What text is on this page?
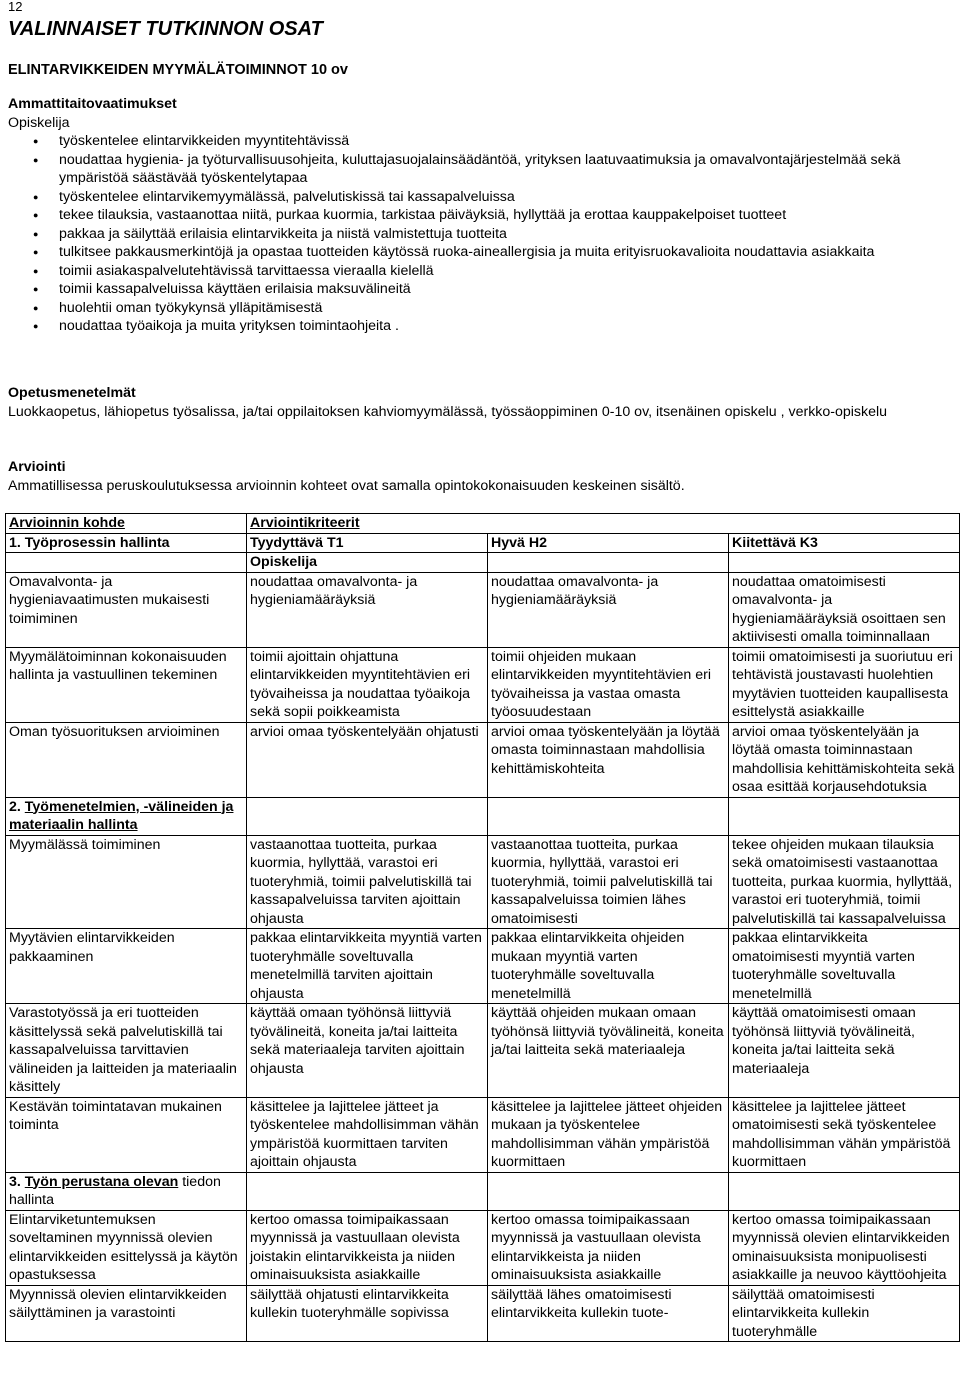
12
VALINNAISET TUTKINNON OSAT
ELINTARVIKKEIDEN MYYMÄLÄTOIMINNOT 10 ov
Ammattitaitovaatimukset
Opiskelija
● työskentelee elintarvikkeiden myyntitehtävissä
● noudattaa hygienia- ja työturvallisuusohjeita, kuluttajasuojalainsäädäntöä, yrityksen laatuvaatimuksia ja omavalvontajärjestelmää sekä ympäristöä säästävää työskentelytapaa
● työskentelee elintarvikemyymälässä, palvelutiskissä tai kassapalveluissa
● tekee tilauksia, vastaanottaa niitä, purkaa kuormia, tarkistaa päiväyksiä, hyllyttää ja erottaa kauppakelpoiset tuotteet
● pakkaa ja säilyttää erilaisia elintarvikkeita ja niistä valmistettuja tuotteita
● tulkitsee pakkausmerkintöjä ja opastaa tuotteiden käytössä ruoka-aineallergisia ja muita erityisruokavalioita noudattavia asiakkaita
● toimii asiakaspalvelutehtävissä tarvittaessa vieraalla kielellä
● toimii kassapalveluissa käyttäen erilaisia maksuvälineitä
● huolehtii oman työkykynsä ylläpitämisestä
● noudattaa työaikoja ja muita yrityksen toimintaohjeita .
Opetusmenetelmät
Luokkaopetus, lähiopetus työsalissa, ja/tai oppilaitoksen kahviomyymälässä, työssäoppiminen 0-10 ov, itsenäinen opiskelu , verkko-opiskelu
Arviointi
Ammatillisessa peruskoulutuksessa arvioinnin kohteet ovat samalla opintokokonaisuuden keskeinen sisältö.
Arvioinnin kohde	Arviointikriteerit		
1. Työprosessin hallinta	Tyydyttävä T1	Hyvä H2	Kiitettävä K3
	Opiskelija		
Omavalvonta- ja hygieniavaatimusten mukaisesti toimiminen	noudattaa omavalvonta- ja hygieniamääräyksiä	noudattaa omavalvonta- ja hygieniamääräyksiä	noudattaa omatoimisesti omavalvonta- ja hygieniamääräyksiä osoittaen sen aktiivisesti omalla toiminnallaan
Myymälätoiminnan kokonaisuuden hallinta ja vastuullinen tekeminen	toimii ajoittain ohjattuna elintarvikkeiden myyntitehtävien eri työvaiheissa ja noudattaa työaikoja sekä sopii poikkeamista	toimii ohjeiden mukaan elintarvikkeiden myyntitehtävien eri työvaiheissa ja vastaa omasta työosuudestaan	toimii omatoimisesti ja suoriutuu eri tehtävistä joustavasti huolehtien myytävien tuotteiden kaupallisesta esittelystä asiakkaille
Oman työsuorituksen arvioiminen	arvioi omaa työskentelyään ohjatusti	arvioi omaa työskentelyään ja löytää omasta toiminnastaan mahdollisia kehittämiskohteita	arvioi omaa työskentelyään ja löytää omasta toiminnastaan mahdollisia kehittämiskohteita sekä osaa esittää korjausehdotuksia
2. Työmenetelmien, -välineiden ja materiaalin hallinta			
Myymälässä toimiminen	vastaanottaa tuotteita, purkaa kuormia, hyllyttää, varastoi eri tuoteryhmiä, toimii palvelutiskillä tai kassapalveluissa tarviten ajoittain ohjausta	vastaanottaa tuotteita, purkaa kuormia, hyllyttää, varastoi eri tuoteryhmiä, toimii palvelutiskillä tai kassapalveluissa toimien lähes omatoimisesti	tekee ohjeiden mukaan tilauksia sekä omatoimisesti vastaanottaa tuotteita, purkaa kuormia, hyllyttää, varastoi eri tuoteryhmiä, toimii palvelutiskillä tai kassapalveluissa
Myytävien elintarvikkeiden pakkaaminen	pakkaa elintarvikkeita myyntiä varten tuoteryhmälle soveltuvalla menetelmillä tarviten ajoittain ohjausta	pakkaa elintarvikkeita ohjeiden mukaan myyntiä varten tuoteryhmälle soveltuvalla menetelmillä	pakkaa elintarvikkeita omatoimisesti myyntiä varten tuoteryhmälle soveltuvalla menetelmillä
Varastotyössä ja eri tuotteiden käsittelyssä sekä palvelutiskillä tai kassapalveluissa tarvittavien välineiden ja laitteiden ja materiaalin käsittely	käyttää omaan työhönsä liittyviä työvälineitä, koneita ja/tai laitteita sekä materiaaleja tarviten ajoittain ohjausta	käyttää ohjeiden mukaan omaan työhönsä liittyviä työvälineitä, koneita ja/tai laitteita sekä materiaaleja	käyttää omatoimisesti omaan työhönsä liittyviä työvälineitä, koneita ja/tai laitteita sekä materiaaleja
Kestävän toimintatavan mukainen toiminta	käsittelee ja lajittelee jätteet ja työskentelee mahdollisimman vähän ympäristöä kuormittaen tarviten ajoittain ohjausta	käsittelee ja lajittelee jätteet ohjeiden mukaan ja työskentelee mahdollisimman vähän ympäristöä kuormittaen	käsittelee ja lajittelee jätteet omatoimisesti sekä työskentelee mahdollisimman vähän ympäristöä kuormittaen
3. Työn perustana olevan tiedon hallinta			
Elintarviketuntemuksen soveltaminen myynnissä olevien elintarvikkeiden esittelyssä ja käytön opastuksessa	kertoo omassa toimipaikassaan myynnissä ja vastuullaan olevista joistakin elintarvikkeista ja niiden ominaisuuksista asiakkaille	kertoo omassa toimipaikassaan myynnissä ja vastuullaan olevista elintarvikkeista ja niiden ominaisuuksista asiakkaille	kertoo omassa toimipaikassaan myynnissä olevien elintarvikkeiden ominaisuuksista monipuolisesti asiakkaille ja neuvoo käyttöohjeita
Myynnissä olevien elintarvikkeiden säilyttäminen ja varastointi	säilyttää ohjatusti elintarvikkeita kullekin tuoteryhmälle sopivissa	säilyttää lähes omatoimisesti elintarvikkeita kullekin tuote-	säilyttää omatoimisesti elintarvikkeita kullekin tuoteryhmälle
